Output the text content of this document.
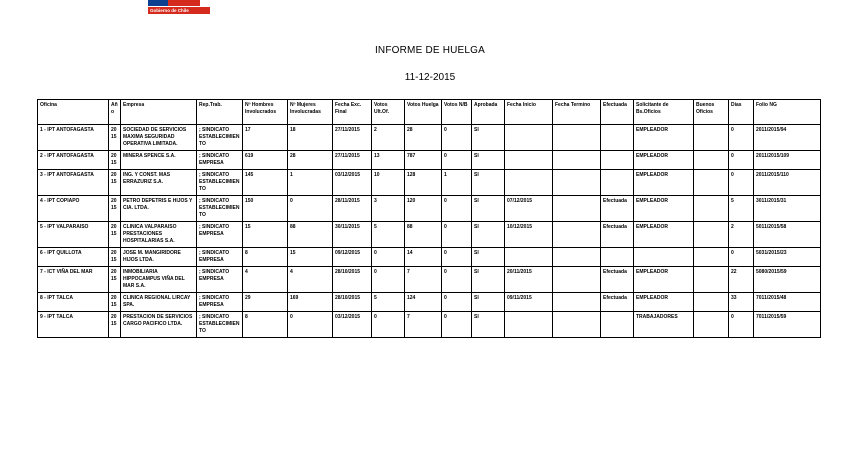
Gobierno de Chile
INFORME DE HUELGA
11-12-2015
Oficina	Año	Empresa	Rep.Trab.	Nº Hombres Involucrados	Nº Mujeres Involucradas	Fecha Exc. Final	Votos Ult.Of.	Votos Huelga	Votos N/B	Aprobada	Fecha Inicio	Fecha Termino	Efectuada	Solicitante de Bs.Oficios	Buenos Oficios	Días	Folio NG
1 - IPT ANTOFAGASTA	2015	SOCIEDAD DE SERVICIOS MAXIMA SEGURIDAD OPERATIVA LIMITADA.	; SINDICATO ESTABLECIMIENTO	17	18	27/11/2015	2	28	0	SI				EMPLEADOR		0	2011/2015/94
2 - IPT ANTOFAGASTA	2015	MINERA SPENCE S.A.	; SINDICATO EMPRESA	619	28	27/11/2015	13	787	0	SI				EMPLEADOR		0	2011/2015/109
3 - IPT ANTOFAGASTA	2015	ING. Y CONST. MAS ERRAZURIZ S.A.	; SINDICATO ESTABLECIMIENTO	145	1	03/12/2015	10	128	1	SI				EMPLEADOR		0	2011/2015/110
4 - IPT COPIAPO	2015	PETRO DEPETRIS E HIJOS Y CIA. LTDA.	; SINDICATO ESTABLECIMIENTO	150	0	28/11/2015	3	120	0	SI	07/12/2015		Efectuada	EMPLEADOR		5	3011/2015/31
5 - IPT VALPARAISO	2015	CLINICA VALPARAISO PRESTACIONES HOSPITALARIAS S.A.	; SINDICATO EMPRESA	15	88	30/11/2015	5	88	0	SI	10/12/2015		Efectuada	EMPLEADOR		2	5011/2015/58
6 - IPT QUILLOTA	2015	JOSE M. MANGIRIDORE HIJOS LTDA.	; SINDICATO EMPRESA	8	15	09/12/2015	0	14	0	SI						0	5031/2015/23
7 - ICT VIÑA DEL MAR	2015	INMOBILIARIA HIPPOCAMPUS VIÑA DEL MAR S.A.	; SINDICATO EMPRESA	4	4	28/10/2015	0	7	0	SI	20/11/2015		Efectuada	EMPLEADOR		22	5080/2015/59
8 - IPT TALCA	2015	CLINICA REGIONAL LIRCAY SPA.	; SINDICATO EMPRESA	29	169	28/10/2015	5	124	0	SI	09/11/2015		Efectuada	EMPLEADOR		33	7011/2015/48
9 - IPT TALCA	2015	PRESTACION DE SERVICIOS CARGO PACIFICO LTDA.	; SINDICATO ESTABLECIMIENTO	8	0	03/12/2015	0	7	0	SI				TRABAJADORES		0	7011/2015/59
